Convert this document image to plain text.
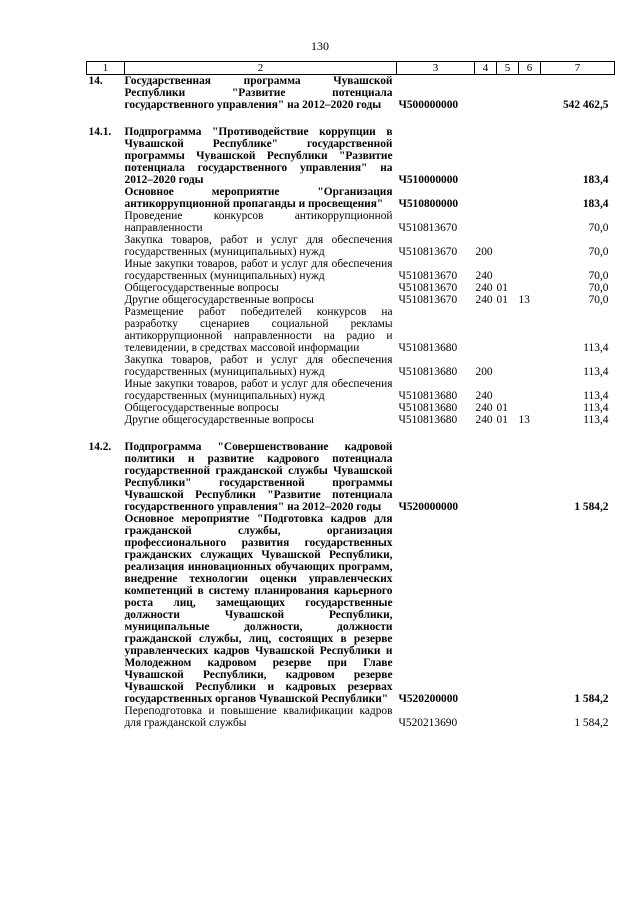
130
1	2	3	4	5	6	7
14.	Государственная программа Чувашской Республики "Развитие потенциала государственного управления" на 2012–2020 годы	Ч500000000				542 462,5

14.1.	Подпрограмма "Противодействие коррупции в Чувашской Республике" государственной программы Чувашской Республики "Развитие потенциала государственного управления" на 2012–2020 годы	Ч510000000				183,4
	Основное мероприятие "Организация антикоррупционной пропаганды и просвещения"	Ч510800000				183,4
	Проведение конкурсов антикоррупционной направленности	Ч510813670				70,0
	Закупка товаров, работ и услуг для обеспечения государственных (муниципальных) нужд	Ч510813670	200			70,0
	Иные закупки товаров, работ и услуг для обеспечения государственных (муниципальных) нужд	Ч510813670	240			70,0
	Общегосударственные вопросы	Ч510813670	240	01		70,0
	Другие общегосударственные вопросы	Ч510813670	240	01	13	70,0
	Размещение работ победителей конкурсов на разработку сценариев социальной рекламы антикоррупционной направленности на радио и телевидении, в средствах массовой информации	Ч510813680				113,4
	Закупка товаров, работ и услуг для обеспечения государственных (муниципальных) нужд	Ч510813680	200			113,4
	Иные закупки товаров, работ и услуг для обеспечения государственных (муниципальных) нужд	Ч510813680	240			113,4
	Общегосударственные вопросы	Ч510813680	240	01		113,4
	Другие общегосударственные вопросы	Ч510813680	240	01	13	113,4

14.2.	Подпрограмма "Совершенствование кадровой политики и развитие кадрового потенциала государственной гражданской службы Чувашской Республики" государственной программы Чувашской Республики "Развитие потенциала государственного управления" на 2012–2020 годы	Ч520000000				1 584,2
	Основное мероприятие "Подготовка кадров для гражданской службы, организация профессионального развития государственных гражданских служащих Чувашской Республики, реализация инновационных обучающих программ, внедрение технологии оценки управленческих компетенций в систему планирования карьерного роста лиц, замещающих государственные должности Чувашской Республики, муниципальные должности, должности гражданской службы, лиц, состоящих в резерве управленческих кадров Чувашской Республики и Молодежном кадровом резерве при Главе Чувашской Республики, кадровом резерве Чувашской Республики и кадровых резервах государственных органов Чувашской Республики"	Ч520200000				1 584,2
	Переподготовка и повышение квалификации кадров для гражданской службы	Ч520213690				1 584,2
